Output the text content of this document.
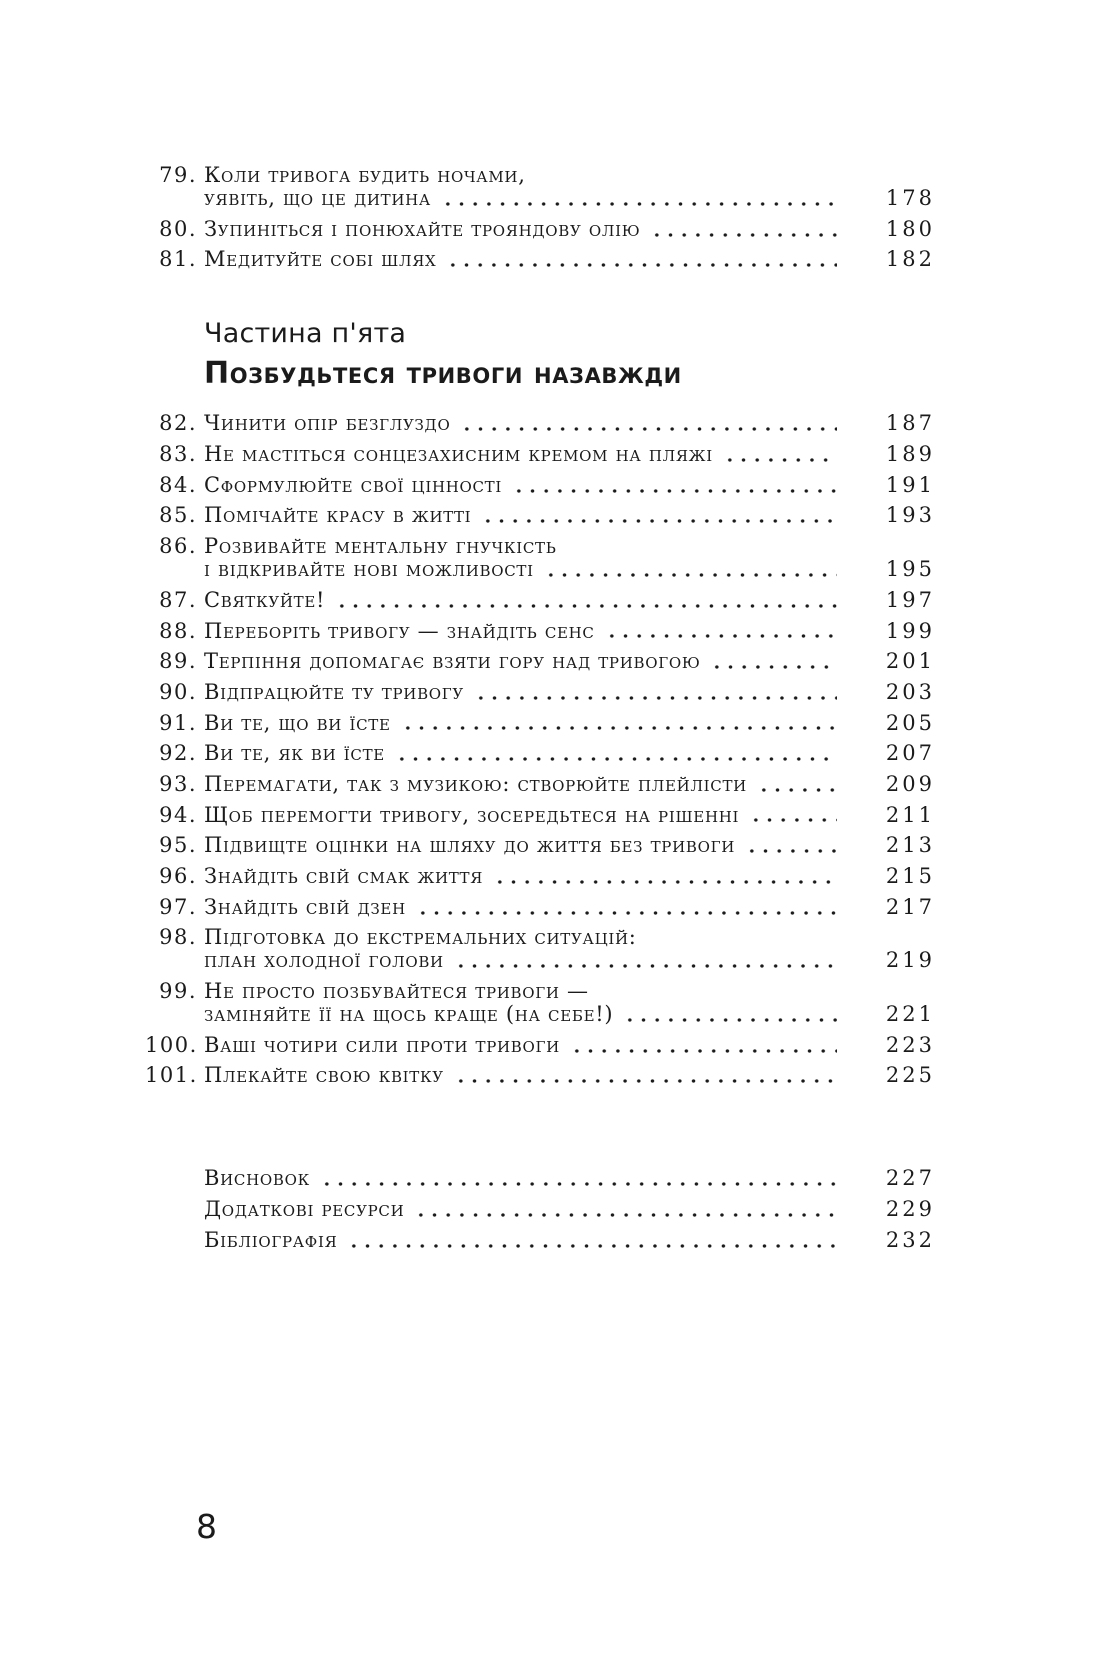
79. Коли тривога будить ночами,
уявіть, що це дитина	178
80. Зупиніться і понюхайте трояндову олію	180
81. Медитуйте собі шлях	182
Частина п'ята
Позбудьтеся тривоги назавжди
82. Чинити опір безглуздо	187
83. Не мастіться сонцезахисним кремом на пляжі	189
84. Сформулюйте свої цінності	191
85. Помічайте красу в житті	193
86. Розвивайте ментальну гнучкість
і відкривайте нові можливості	195
87. Святкуйте!	197
88. Переборіть тривогу — знайдіть сенс	199
89. Терпіння допомагає взяти гору над тривогою	201
90. Відпрацюйте ту тривогу	203
91. Ви те, що ви їсте	205
92. Ви те, як ви їсте	207
93. Перемагати, так з музикою: створюйте плейлісти	209
94. Щоб перемогти тривогу, зосередьтеся на рішенні	211
95. Підвищте оцінки на шляху до життя без тривоги	213
96. Знайдіть свій смак життя	215
97. Знайдіть свій дзен	217
98. Підготовка до екстремальних ситуацій:
план холодної голови	219
99. Не просто позбувайтеся тривоги —
заміняйте її на щось краще (на себе!)	221
100. Ваші чотири сили проти тривоги	223
101. Плекайте свою квітку	225
Висновок	227
Додаткові ресурси	229
Бібліографія	232
8
